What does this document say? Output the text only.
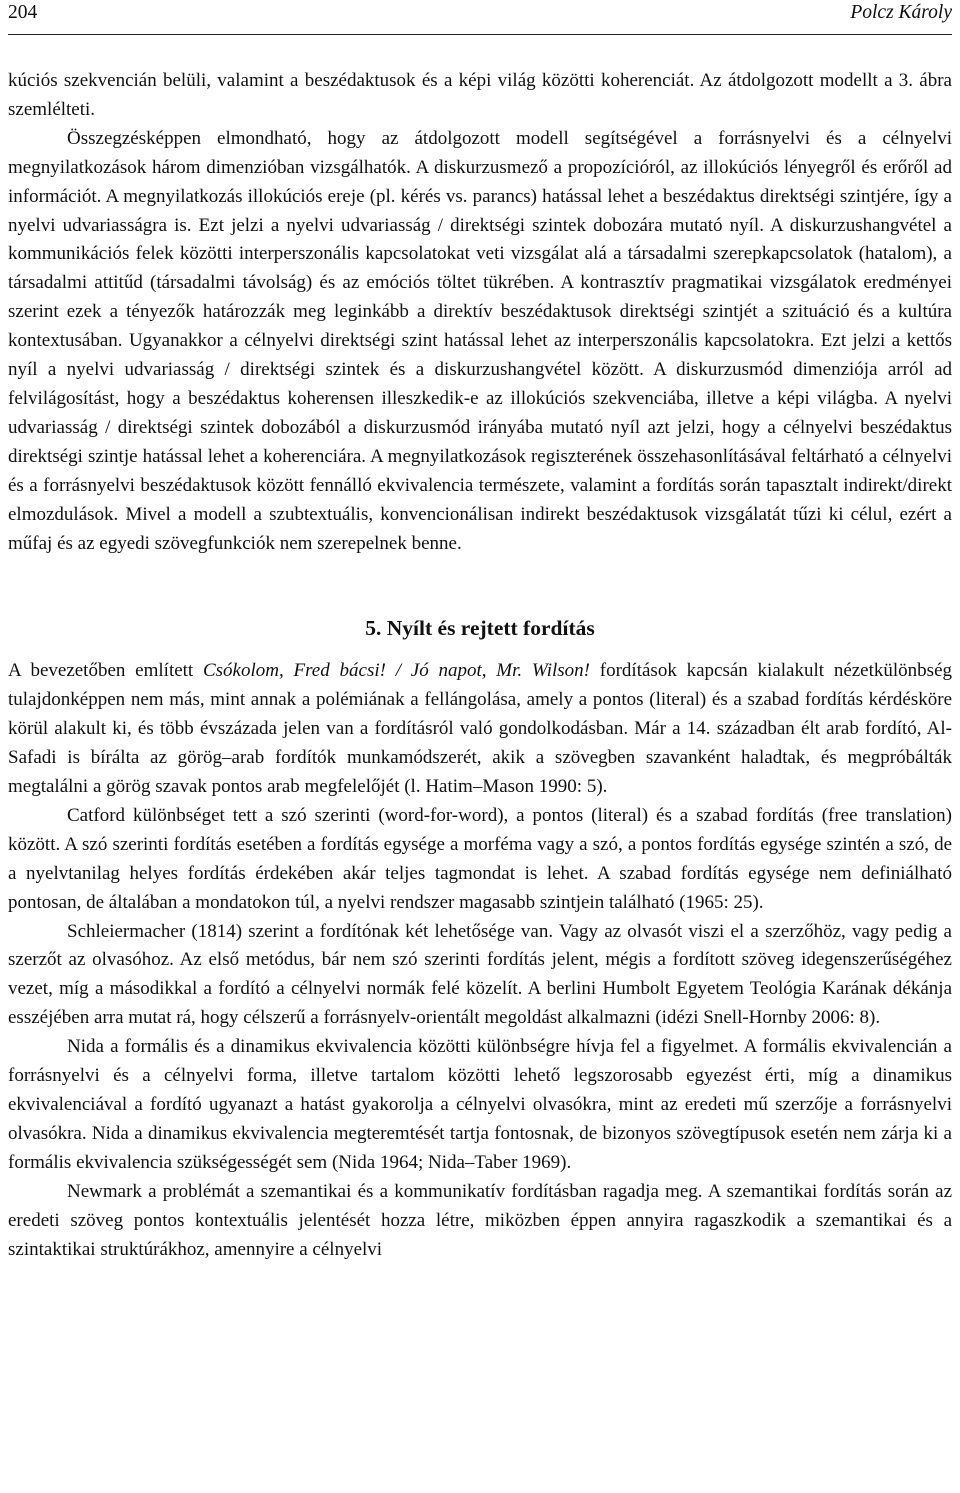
204	Polcz Károly

kúciós szekvencián belüli, valamint a beszédaktusok és a képi világ közötti koherenciát. Az átdolgozott modellt a 3. ábra szemlélteti.

Összegzésképpen elmondható, hogy az átdolgozott modell segítségével a forrásnyelvi és a célnyelvi megnyilatkozások három dimenzióban vizsgálhatók. A diskurzusmező a propozícióról, az illokúciós lényegről és erőről ad információt. A megnyilatkozás illokúciós ereje (pl. kérés vs. parancs) hatással lehet a beszédaktus direktségi szintjére, így a nyelvi udvariasságra is. Ezt jelzi a nyelvi udvariasság / direktségi szintek dobozára mutató nyíl. A diskurzushangvétel a kommunikációs felek közötti interperszonális kapcsolatokat veti vizsgálat alá a társadalmi szerepkapcsolatok (hatalom), a társadalmi attitűd (társadalmi távolság) és az emóciós töltet tükrében. A kontrasztív pragmatikai vizsgálatok eredményei szerint ezek a tényezők határozzák meg leginkább a direktív beszédaktusok direktségi szintjét a szituáció és a kultúra kontextusában. Ugyanakkor a célnyelvi direktségi szint hatással lehet az interperszonális kapcsolatokra. Ezt jelzi a kettős nyíl a nyelvi udvariasság / direktségi szintek és a diskurzushangvétel között. A diskurzusmód dimenziója arról ad felvilágosítást, hogy a beszédaktus koherensen illeszkedik-e az illokúciós szekvenciába, illetve a képi világba. A nyelvi udvariasság / direktségi szintek dobozából a diskurzusmód irányába mutató nyíl azt jelzi, hogy a célnyelvi beszédaktus direktségi szintje hatással lehet a koherenciára. A megnyilatkozások regiszterének összehasonlításával feltárható a célnyelvi és a forrásnyelvi beszédaktusok között fennálló ekvivalencia természete, valamint a fordítás során tapasztalt indirekt/direkt elmozdulások. Mivel a modell a szubtextuális, konvencionálisan indirekt beszédaktusok vizsgálatát tűzi ki célul, ezért a műfaj és az egyedi szövegfunkciók nem szerepelnek benne.

5. Nyílt és rejtett fordítás

A bevezetőben említett Csókolom, Fred bácsi! / Jó napot, Mr. Wilson! fordítások kapcsán kialakult nézetkülönbség tulajdonképpen nem más, mint annak a polémiának a fellángolása, amely a pontos (literal) és a szabad fordítás kérdésköre körül alakult ki, és több évszázada jelen van a fordításról való gondolkodásban. Már a 14. században élt arab fordító, Al-Safadi is bírálta az görög–arab fordítók munkamódszerét, akik a szövegben szavanként haladtak, és megpróbálták megtalálni a görög szavak pontos arab megfelelőjét (l. Hatim–Mason 1990: 5).

Catford különbséget tett a szó szerinti (word-for-word), a pontos (literal) és a szabad fordítás (free translation) között. A szó szerinti fordítás esetében a fordítás egysége a morféma vagy a szó, a pontos fordítás egysége szintén a szó, de a nyelvtanilag helyes fordítás érdekében akár teljes tagmondat is lehet. A szabad fordítás egysége nem definiálható pontosan, de általában a mondatokon túl, a nyelvi rendszer magasabb szintjein található (1965: 25).

Schleiermacher (1814) szerint a fordítónak két lehetősége van. Vagy az olvasót viszi el a szerzőhöz, vagy pedig a szerzőt az olvasóhoz. Az első metódus, bár nem szó szerinti fordítás jelent, mégis a fordított szöveg idegenszerűségéhez vezet, míg a másodikkal a fordító a célnyelvi normák felé közelít. A berlini Humbolt Egyetem Teológia Karának dékánja esszéjében arra mutat rá, hogy célszerű a forrásnyelv-orientált megoldást alkalmazni (idézi Snell-Hornby 2006: 8).

Nida a formális és a dinamikus ekvivalencia közötti különbségre hívja fel a figyelmet. A formális ekvivalencián a forrásnyelvi és a célnyelvi forma, illetve tartalom közötti lehető legszorosabb egyezést érti, míg a dinamikus ekvivalenciával a fordító ugyanazt a hatást gyakorolja a célnyelvi olvasókra, mint az eredeti mű szerzője a forrásnyelvi olvasókra. Nida a dinamikus ekvivalencia megteremtését tartja fontosnak, de bizonyos szövegtípusok esetén nem zárja ki a formális ekvivalencia szükségességét sem (Nida 1964; Nida–Taber 1969).

Newmark a problémát a szemantikai és a kommunikatív fordításban ragadja meg. A szemantikai fordítás során az eredeti szöveg pontos kontextuális jelentését hozza létre, miközben éppen annyira ragaszkodik a szemantikai és a szintaktikai struktúrákhoz, amennyire a célnyelvi
